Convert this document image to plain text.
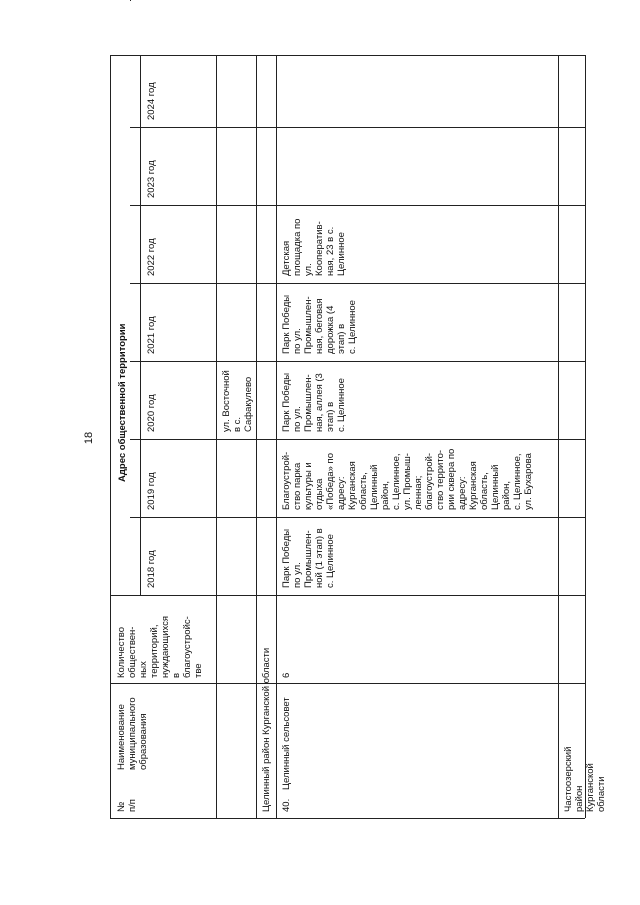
18
№
п/п
Наименование
муниципального
образования
Количество
обществен-
ных
территорий,
нуждающихся
в
благоустройс-
тве
Адрес общественной территории
2018 год
2019 год
2020 год
2021 год
2022 год
2023 год
2024 год
ул. Восточной
в с.
Сафакулево
Целинный район Курганской области 40.
Целинный сельсовет
6
Парк Победы
по ул.
Промышлен-
ной (1 этап) в
с. Целинное
Благоустрой-
ство парка
культуры и
отдыха
«Победа» по
адресу:
Курганская
область,
Целинный
район,
с. Целинное,
ул. Промыш-
ленная;
благоустрой-
ство террито-
рии сквера по
адресу:
Курганская
область,
Целинный
район,
с. Целинное,
ул. Бухарова
Парк Победы
по ул.
Промышлен-
ная, аллея (3
этап) в
с. Целинное
Парк Победы
по ул.
Промышлен-
ная, беговая
дорожка (4
этап) в
с. Целинное
Детская
площадка по
ул.
Кооператив-
ная, 23 в с.
Целинное
Частоозерский район Курганской области
